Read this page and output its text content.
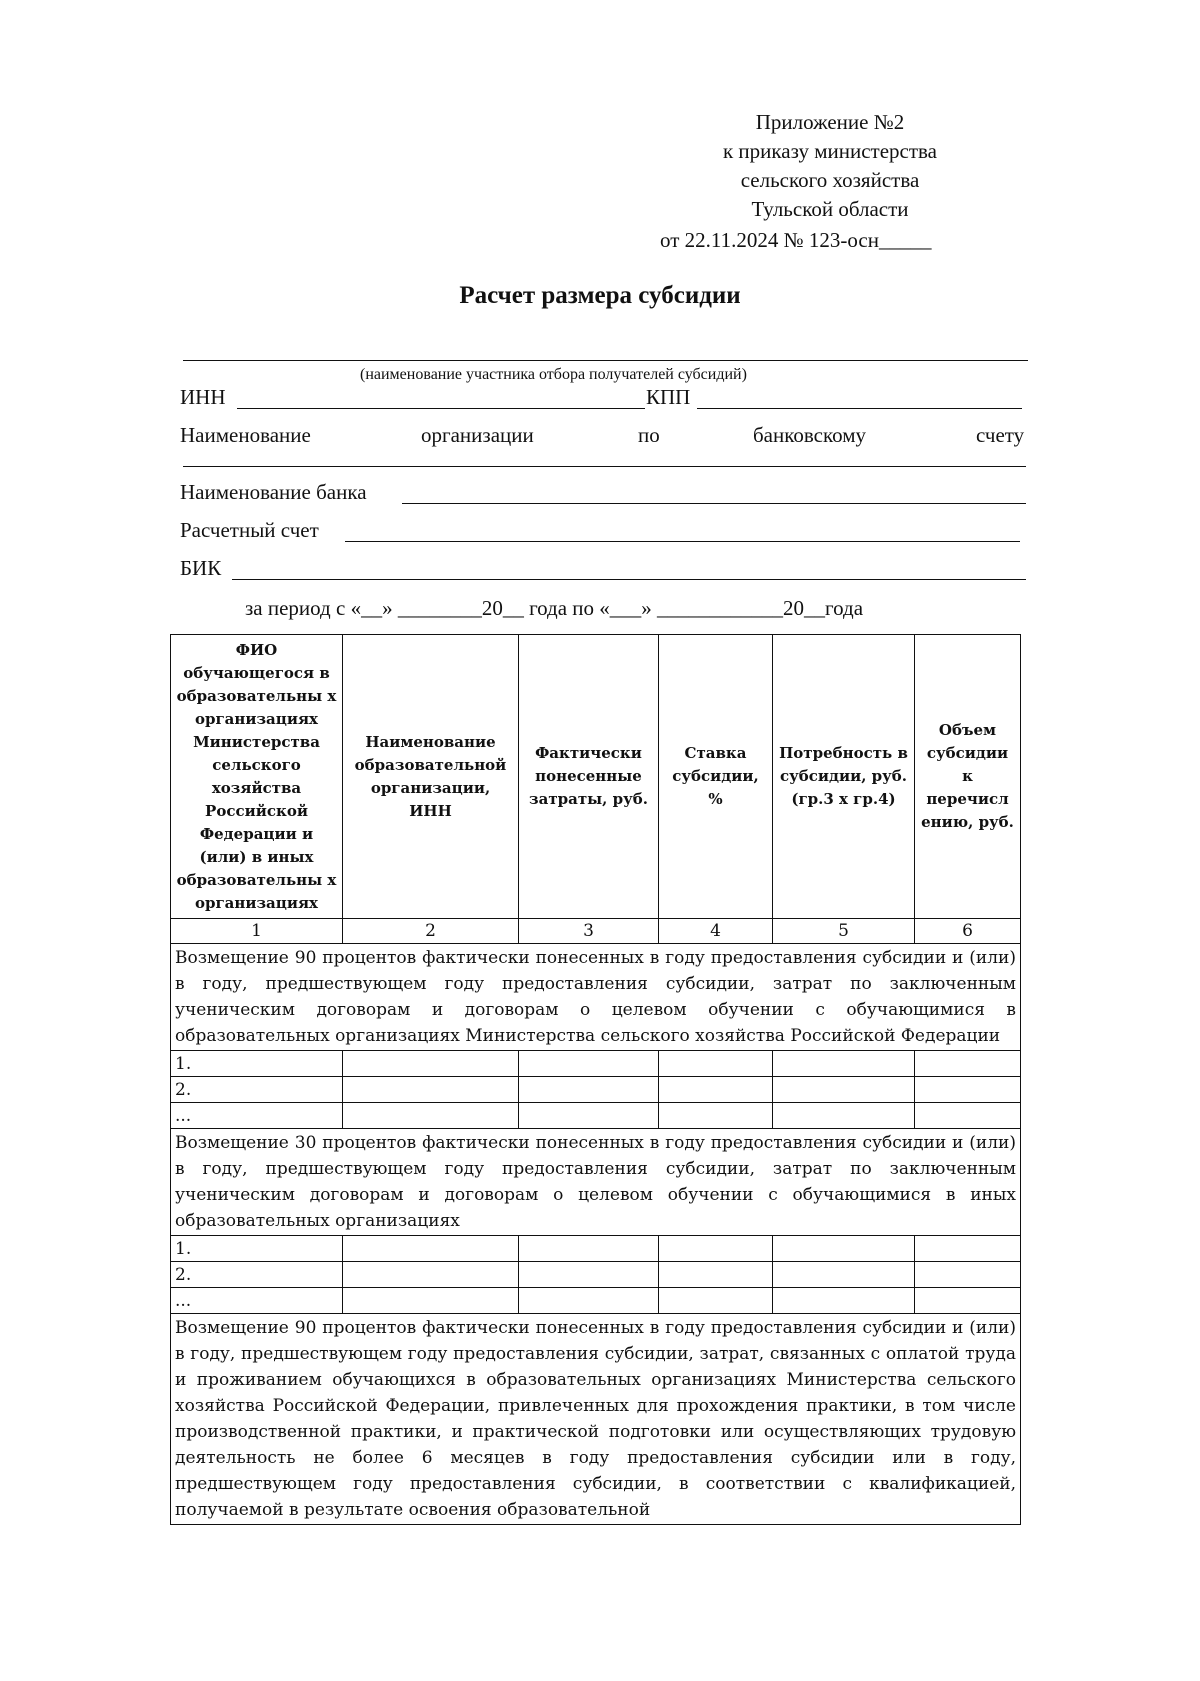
Приложение №2
к приказу министерства
сельского хозяйства
Тульской области
от 22.11.2024 № 123-осн_____
Расчет размера субсидии
(наименование участника отбора получателей субсидий)
ИНН	КПП
Наименование	организации	по	банковскому	счету
Наименование банка
Расчетный счет
БИК
за период с «__» ________20__ года по «___» ____________20__года
ФИО обучающегося в образовательны х организациях Министерства сельского хозяйства Российской Федерации и (или) в иных образовательны х организациях	Наименование образовательной организации, ИНН	Фактически понесенные затраты, руб.	Ставка субсидии, %	Потребность в субсидии, руб. (гр.3 х гр.4)	Объем субсидии к перечисл ению, руб.
1	2	3	4	5	6
Возмещение 90 процентов фактически понесенных в году предоставления субсидии и (или) в году, предшествующем году предоставления субсидии, затрат по заключенным ученическим договорам и договорам о целевом обучении с обучающимися в образовательных организациях Министерства сельского хозяйства Российской Федерации					
1.					
2.					
...					
Возмещение 30 процентов фактически понесенных в году предоставления субсидии и (или) в году, предшествующем году предоставления субсидии, затрат по заключенным ученическим договорам и договорам о целевом обучении с обучающимися в иных образовательных организациях					
1.					
2.					
...					
Возмещение 90 процентов фактически понесенных в году предоставления субсидии и (или) в году, предшествующем году предоставления субсидии, затрат, связанных с оплатой труда и проживанием обучающихся в образовательных организациях Министерства сельского хозяйства Российской Федерации, привлеченных для прохождения практики, в том числе производственной практики, и практической подготовки или осуществляющих трудовую деятельность не более 6 месяцев в году предоставления субсидии или в году, предшествующем году предоставления субсидии, в соответствии с квалификацией, получаемой в результате освоения образовательной					
